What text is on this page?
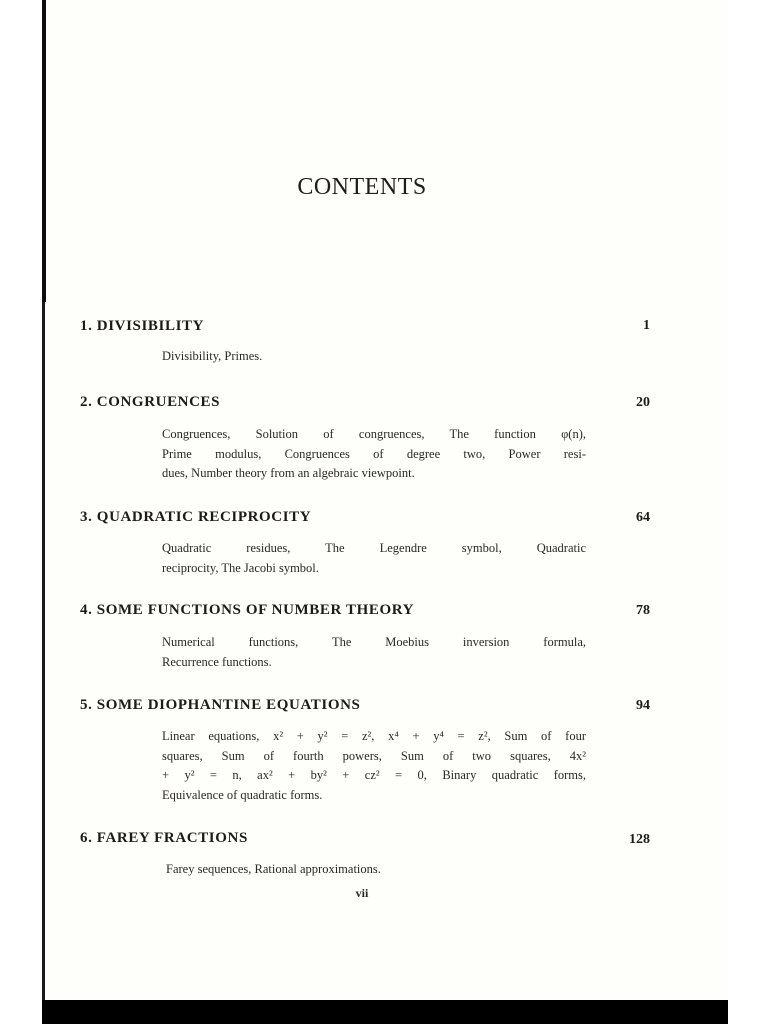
CONTENTS
1. DIVISIBILITY	1
Divisibility, Primes.
2. CONGRUENCES	20
Congruences, Solution of congruences, The function φ(n),
Prime modulus, Congruences of degree two, Power resi-
dues, Number theory from an algebraic viewpoint.
3. QUADRATIC RECIPROCITY	64
Quadratic residues, The Legendre symbol, Quadratic
reciprocity, The Jacobi symbol.
4. SOME FUNCTIONS OF NUMBER THEORY	78
Numerical functions, The Moebius inversion formula,
Recurrence functions.
5. SOME DIOPHANTINE EQUATIONS	94
Linear equations, x² + y² = z², x⁴ + y⁴ = z², Sum of four
squares, Sum of fourth powers, Sum of two squares, 4x²
+ y² = n, ax² + by² + cz² = 0, Binary quadratic forms,
Equivalence of quadratic forms.
6. FAREY FRACTIONS	128
Farey sequences, Rational approximations.
vii
